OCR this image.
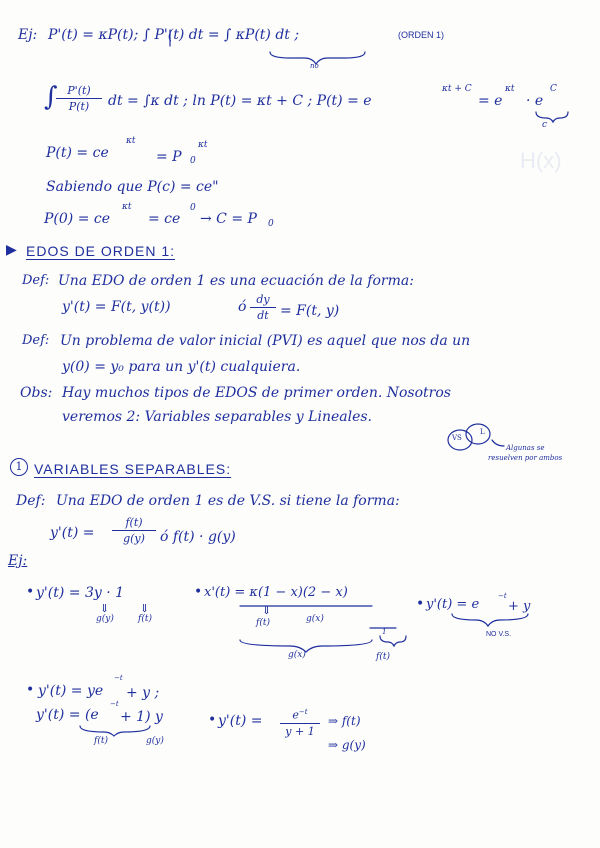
H(x)
Ej: P'(t) = κP(t); ∫ P'(t) dt = ∫ κP(t) dt ;	(ORDEN 1)
no
∫
$\frac{P'(t)}{P(t)}$ dt = ∫κ dt ; ln P(t) = κt + C ; P(t) = e
κt + C
= e
κt
· e
C
c
P(t) = ce
κt
= P 0
κt
Sabiendo que P(c) = ce"
P(0) = ce
κt
= ce
0
→ C = P 0
▶ EDOS DE ORDEN 1:
Def: Una EDO de orden 1 es una ecuación de la forma:
y'(t) = F(t, y(t))	ó $\frac{dy}{dt} = F(t$, y)
Def: Un problema de valor inicial (PVI) es aquel que nos da un
y(0) = y₀ para un y'(t) cualquiera.
Obs: Hay muchos tipos de EDOS de primer orden. Nosotros
veremos 2: Variables separables y Lineales.
VS
L
Algunas se
resuelven por ambos
1 VARIABLES SEPARABLES:
Def: Una EDO de orden 1 es de V.S. si tiene la forma:
$y'(t) = \frac{f(t)}{g(y)}$ ó f(t) · g(y)
Ej:
• y'(t) = 3y · 1
⇓	⇓
g(y)	f(t)
• x'(t) = κ(1 − x)(2 − x)
⇓
f(t)	g(x)
g(x)
1
f(t)
• y'(t) = e
−t
+ y
NO V.S.
• y'(t) = ye
−t
+ y ;
y'(t) = (e
−t
+ 1) y
f(t)	g(y)
• $y'(t) = \frac{e^{-t}}{y + 1}$ ⇒ f(t)
⇒ g(y)
